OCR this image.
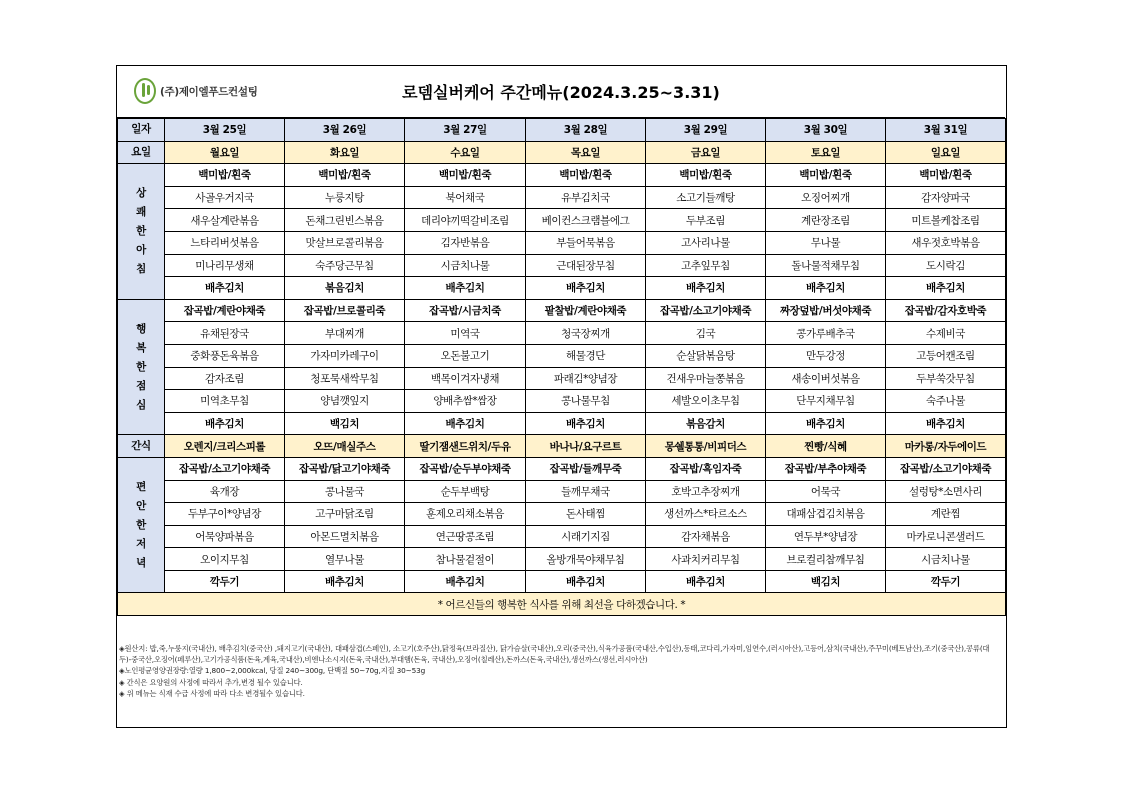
(주)제이엘푸드컨설팅	로뎀실버케어 주간메뉴(2024.3.25~3.31)
일자	3월 25일	3월 26일	3월 27일	3월 28일	3월 29일	3월 30일	3월 31일
요일	월요일	화요일	수요일	목요일	금요일	토요일	일요일
상
쾌
한
아
침	백미밥/흰죽	백미밥/흰죽	백미밥/흰죽	백미밥/흰죽	백미밥/흰죽	백미밥/흰죽	백미밥/흰죽
	사골우거지국	누룽지탕	북어채국	유부김치국	소고기들깨탕	오징어찌개	감자양파국
	새우살계란볶음	돈채그린빈스볶음	데리야끼떡갈비조림	베이컨스크램블에그	두부조림	계란장조림	미트볼케찹조림
	느타리버섯볶음	맛살브로콜리볶음	김자반볶음	부들어묵볶음	고사리나물	무나물	새우젓호박볶음
	미나리무생채	숙주당근무침	시금치나물	근대된장무침	고추잎무침	돌나물적채무침	도시락김
	배추김치	볶음김치	배추김치	배추김치	배추김치	배추김치	배추김치
행
복
한
점
심	잡곡밥/계란야채죽	잡곡밥/브로콜리죽	잡곡밥/시금치죽	팥찰밥/계란야채죽	잡곡밥/소고기야채죽	짜장덮밥/버섯야채죽	잡곡밥/감자호박죽
	유채된장국	부대찌개	미역국	청국장찌개	김국	콩가루배추국	수제비국
	중화풍돈육볶음	가자미카레구이	오돈불고기	해물경단	순살닭볶음탕	만두강정	고등어캔조림
	감자조림	청포묵새싹무침	백목이겨자냉채	파래김*양념장	건새우마늘쫑볶음	새송이버섯볶음	두부쑥갓무침
	미역초무침	양념깻잎지	양배추쌈*쌈장	콩나물무침	세발오이초무침	단무지채무침	숙주나물
	배추김치	백김치	배추김치	배추김치	볶음감치	배추김치	배추김치
간식	오렌지/크리스피롤	오뜨/매실주스	딸기잼샌드위치/두유	바나나/요구르트	몽쉘통통/비피더스	찐빵/식혜	마카롱/자두에이드
편
안
한
저
녁	잡곡밥/소고기야채죽	잡곡밥/닭고기야채죽	잡곡밥/순두부야채죽	잡곡밥/들깨무죽	잡곡밥/흑임자죽	잡곡밥/부추야채죽	잡곡밥/소고기야채죽
	육개장	콩나물국	순두부백탕	들깨무채국	호박고추장찌개	어묵국	설렁탕*소면사리
	두부구이*양념장	고구마닭조림	훈제오리채소볶음	돈사태찜	생선까스*타르소스	대패삼겹김치볶음	계란찜
	어묵양파볶음	아몬드멸치볶음	연근땅콩조림	시래기지짐	감자채볶음	연두부*양념장	마카로니콘샐러드
	오이지무침	열무나물	참나물겉절이	올방개묵야채무침	사과치커리무침	브로컬리참깨무침	시금치나물
	깍두기	배추김치	배추김치	배추김치	배추김치	백김치	깍두기
* 어르신들의 행복한 식사를 위해 최선을 다하겠습니다. *							

◈원산지: 밥,죽,누룽지(국내산), 배추김치(중국산) ,돼지고기(국내산), 대패삼겹(스페인), 소고기(호주산),닭정육(브라질산), 닭가슴살(국내산),오리(중국산),식육가공품(국내산,수입산),동태,코다리,가자미,임연수,(러시아산),고등어,삼치(국내산),주꾸미(베트남산),조기(중국산),콩류(대두)-중국산,오징어(페루산),고기가공식품(돈육,계육,국내산),비엔나소시지(돈육,국내산),부대햄(돈육, 국내산),오징어(칠레산),돈까스(돈육,국내산),생선까스(생선,러시아산)

◈노인평균영양권장량:열량 1,800~2,000kcal, 당질 240~300g, 단백질 50~70g,지질 30~53g

◈ 간식은 요양원의 사정에 따라서 추가,변경 될수 있습니다.

◈ 위 메뉴는 식재 수급 사정에 따라 다소 변경될수 있습니다.
